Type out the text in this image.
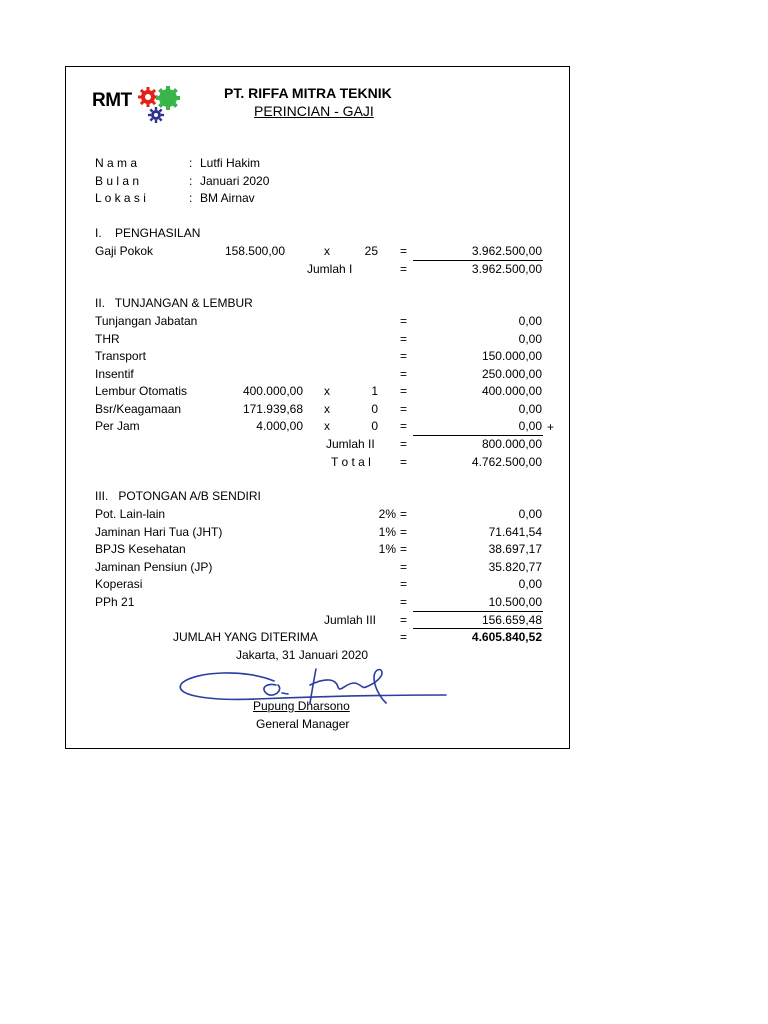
RMT	PT. RIFFA MITRA TEKNIK
PERINCIAN - GAJI
N a m a	: Lutfi Hakim
B u l a n	: Januari 2020
L o k a s i	: BM Airnav
I.    PENGHASILAN
Gaji Pokok	158.500,00	x	25 =	3.962.500,00
Jumlah I	=	3.962.500,00
II.   TUNJANGAN & LEMBUR
Tunjangan Jabatan	=	0,00
THR	=	0,00
Transport	=	150.000,00
Insentif	=	250.000,00
Lembur Otomatis	400.000,00 x	1 =	400.000,00
Bsr/Keagamaan	171.939,68 x	0 =	0,00
Per Jam	4.000,00 x	0 =	0,00 +
Jumlah II =	800.000,00
T o t a l =	4.762.500,00
III.   POTONGAN A/B SENDIRI
Pot. Lain-lain	2% =	0,00
Jaminan Hari Tua (JHT)	1% =	71.641,54
BPJS Kesehatan	1% =	38.697,17
Jaminan Pensiun (JP)	=	35.820,77
Koperasi	=	0,00
PPh 21	=	10.500,00
Jumlah III =	156.659,48
JUMLAH YANG DITERIMA	=	4.605.840,52
Jakarta, 31 Januari 2020
Pupung Dharsono
General Manager
